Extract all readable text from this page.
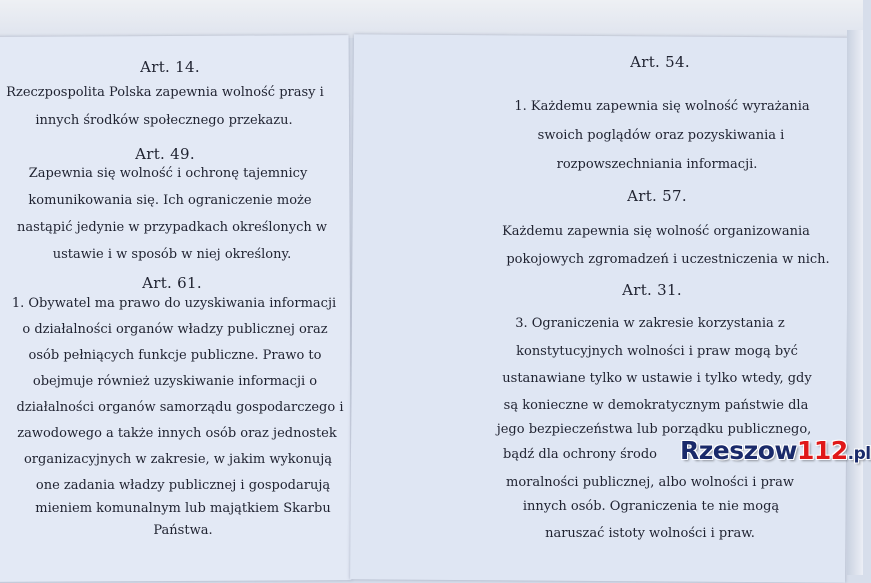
Art. 14.
Rzeczpospolita Polska zapewnia wolność prasy i
innych środków społecznego przekazu.
Art. 49.
Zapewnia się wolność i ochronę tajemnicy
komunikowania się. Ich ograniczenie może
nastąpić jedynie w przypadkach określonych w
ustawie i w sposób w niej określony.
Art. 61.
1. Obywatel ma prawo do uzyskiwania informacji
o działalności organów władzy publicznej oraz
osób pełniących funkcje publiczne. Prawo to
obejmuje również uzyskiwanie informacji o
działalności organów samorządu gospodarczego i
zawodowego a także innych osób oraz jednostek
organizacyjnych w zakresie, w jakim wykonują
one zadania władzy publicznej i gospodarują
mieniem komunalnym lub majątkiem Skarbu
Państwa.
Art. 54.
1. Każdemu zapewnia się wolność wyrażania
swoich poglądów oraz pozyskiwania i
rozpowszechniania informacji.
Art. 57.
Każdemu zapewnia się wolność organizowania
pokojowych zgromadzeń i uczestniczenia w nich.
Art. 31.
3. Ograniczenia w zakresie korzystania z
konstytucyjnych wolności i praw mogą być
ustanawiane tylko w ustawie i tylko wtedy, gdy
są konieczne w demokratycznym państwie dla
jego bezpieczeństwa lub porządku publicznego,
bądź dla ochrony środo
moralności publicznej, albo wolności i praw
innych osób. Ograniczenia te nie mogą
naruszać istoty wolności i praw.
Rzeszow112.pl
